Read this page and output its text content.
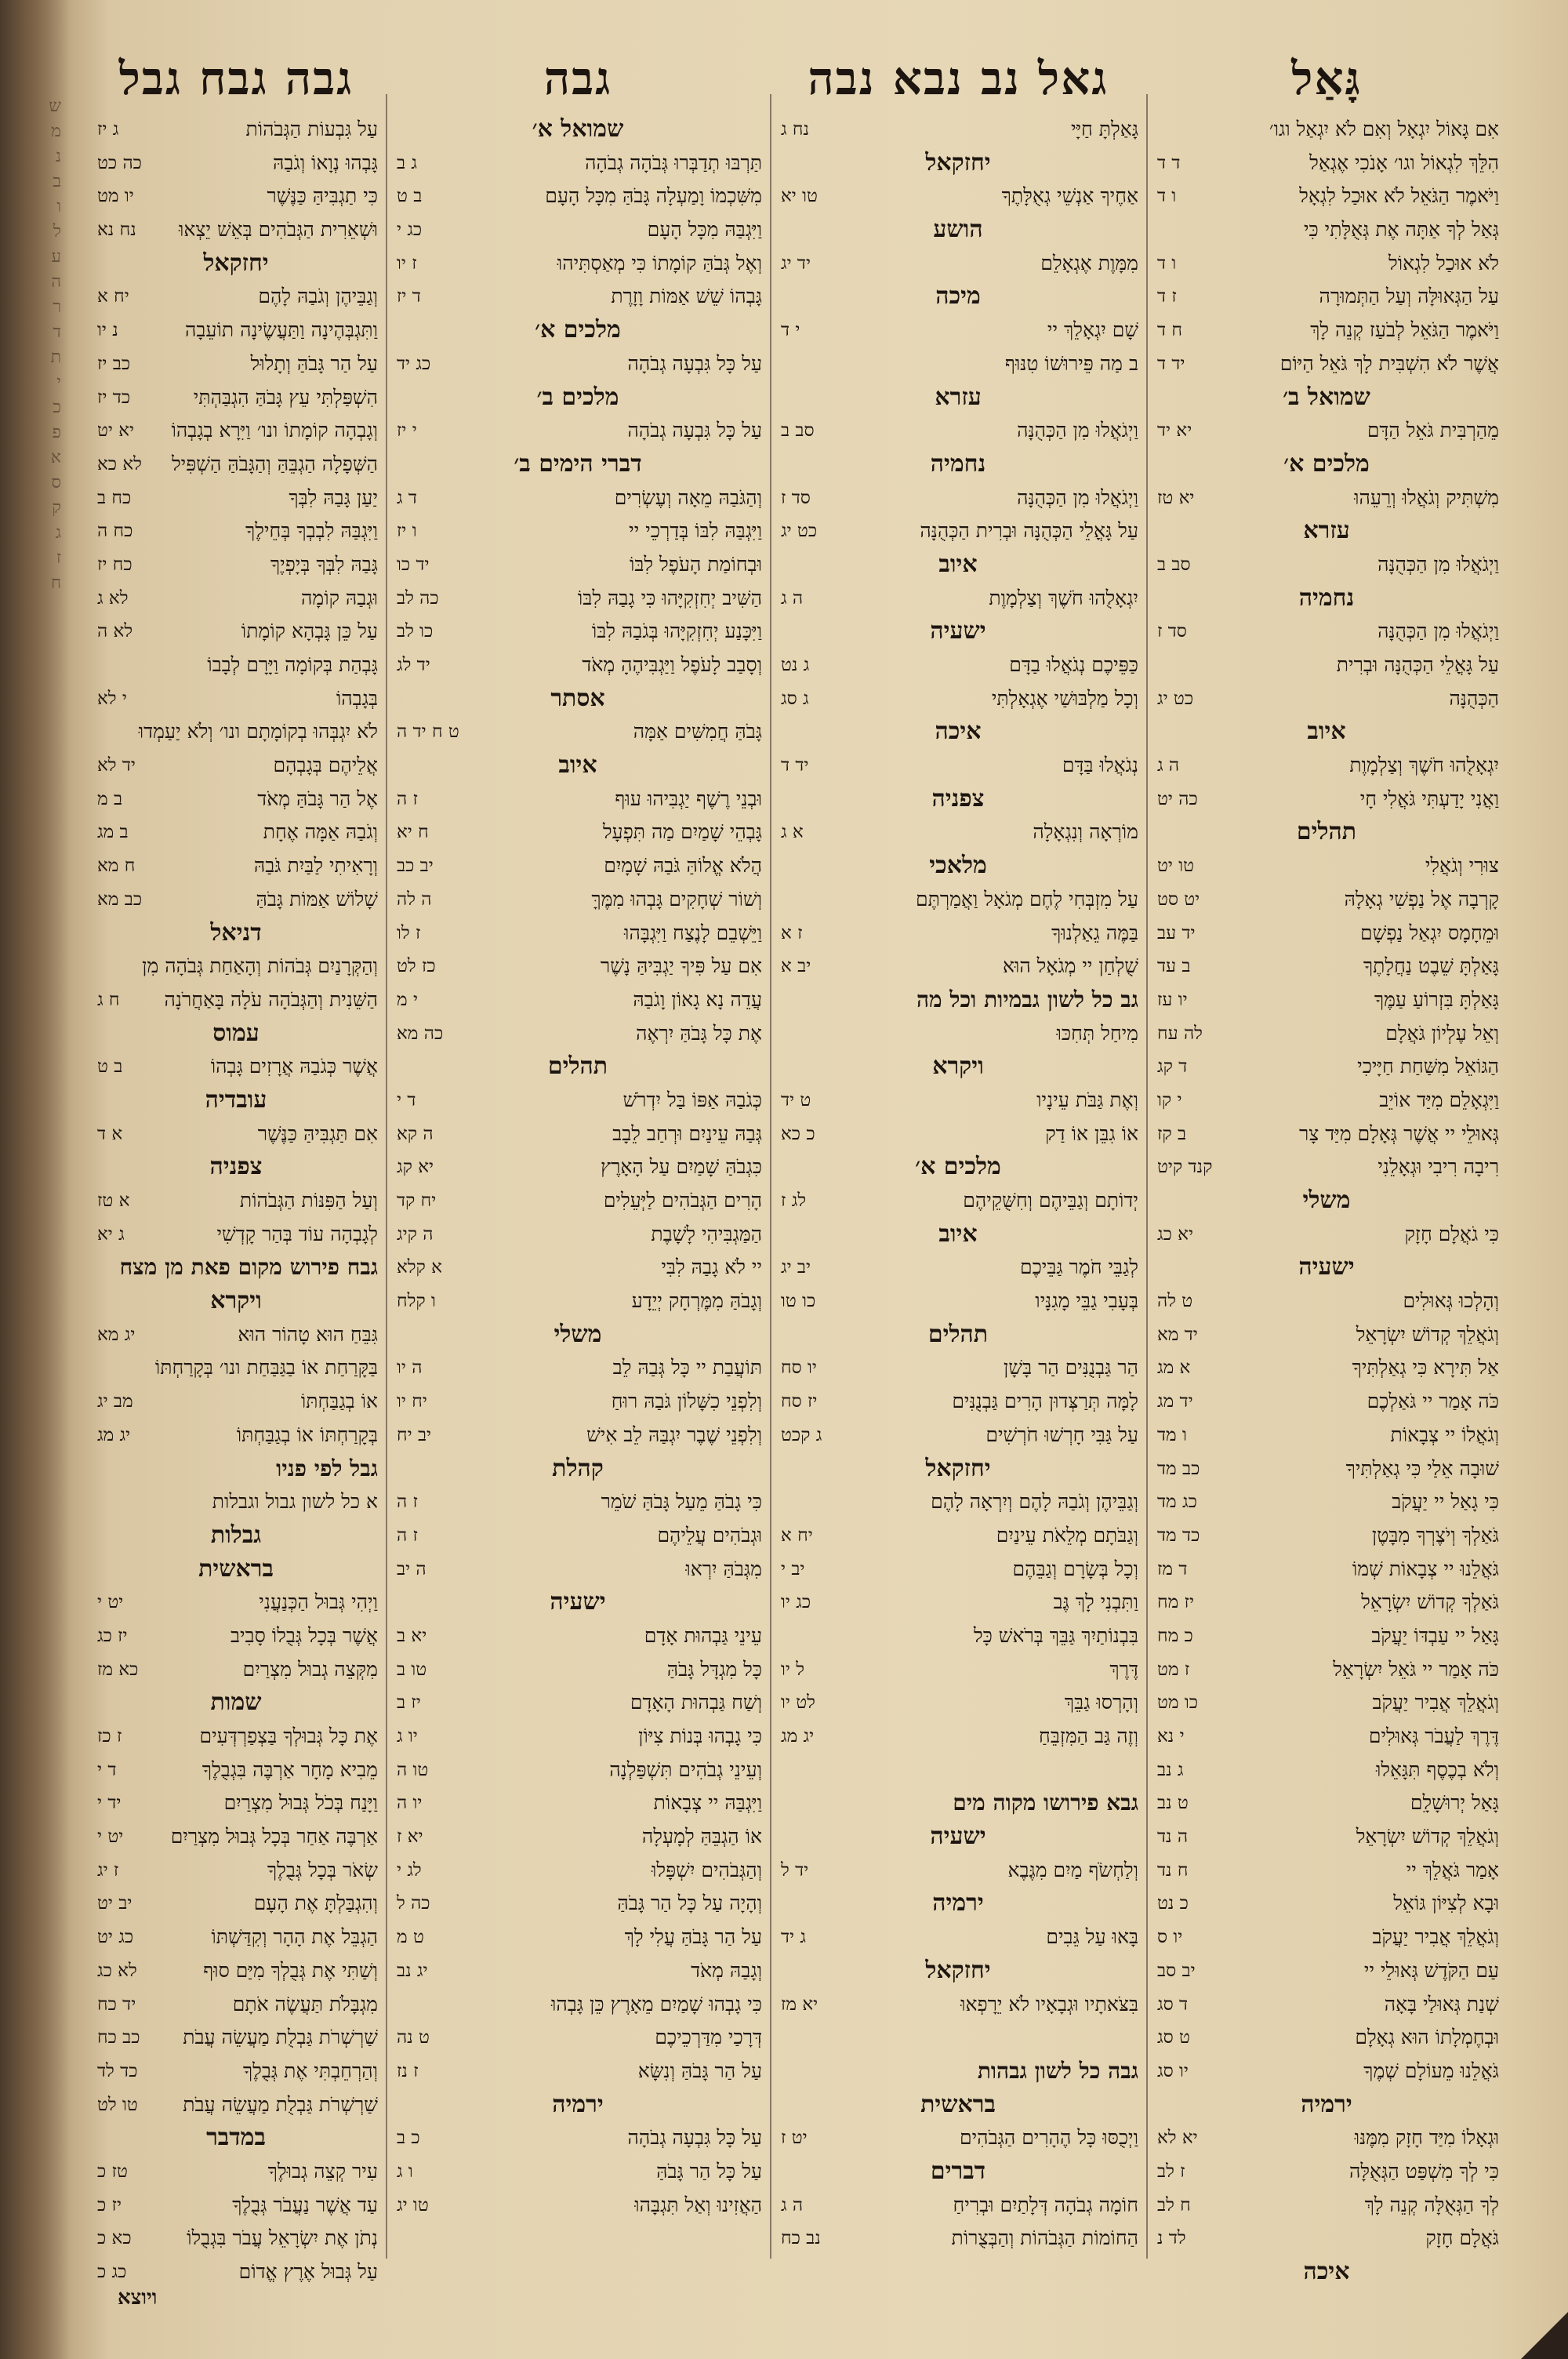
ש
מ
נ
ב
ו
ל
ע
ה
ר
ד
ת
י
כ
פ
א
ס
ק
ג
ז
ח
גבה גבח גבל
עַל גִּבְעוֹת הַגְּבֹהוֹת
ג יז
גָּבְהוּ נְוָאוֹ וְגֹבַהּ
כה כט
כִּי תַגְבִּיהַּ כַּנֶּשֶׁר
יו מט
וּשְׁאֵרִית הַגְּבֹהִים בְּאֵשׁ יֵצְאוּ
נח נא
יחזקאל
וְגַבֵּיהֶן וְגֹבַהּ לָהֶם
יח א
וַתִּגְבְּהֶינָה וַתַּעֲשֶׂינָה תוֹעֵבָה
נ יו
עַל הַר גָּבֹהַּ וְתָלוּל
כב יז
הִשְׁפַּלְתִּי עֵץ גָּבֹהַּ הִגְבַּהְתִּי
כד יז
וְגָבְהָה קוֹמָתוֹ ונו׳ וַיִּרָא בְגָבְהוֹ
יא יט
הַשְּׁפָלָה הַגְבֵּהַּ וְהַגָּבֹהַּ הַשְׁפִּיל
לא כא
יַעַן גָּבַהּ לִבְּךָ
כח ב
וַיִּגְבַּהּ לִבְבְךָ בְּחֵילֶךָ
כח ה
גָּבַהּ לִבְּךָ בְּיָפְיֶךָ
כח יז
וּגְבַהּ קוֹמָה
לא ג
עַל כֵּן גָּבְהָא קוֹמָתוֹ
לא ה
גָּבְהַת בְּקוֹמָה וַיָּרָם לְבָבוֹ
בְּגָבְהוֹ
י לא
לֹא יִגְבְּהוּ בְקוֹמָתָם ונו׳ וְלֹא יַעַמְדוּ
אֲלֵיהֶם בְּגָבְהָם
יד לא
אֶל הַר גָּבֹהַּ מְאֹד
ב מ
וְגֹבַהּ אַמָּה אֶחָת
ב מג
וְרָאִיתִי לַבַּיִת גֹּבַהּ
ח מא
שָׁלוֹשׁ אַמּוֹת גָּבֹהַּ
כב מא
דניאל
וְהַקְּרָנַיִם גְּבֹהוֹת וְהָאַחַת גְּבֹהָה מִן
הַשֵּׁנִית וְהַגְּבֹהָה עֹלָה בָּאַחֲרֹנָה
ח ג
עמוס
אֲשֶׁר כְּגֹבַהּ אֲרָזִים גָּבְהוֹ
ב ט
עובדיה
אִם תַּגְבִּיהַּ כַּנֶּשֶׁר
א ד
צפניה
וְעַל הַפִּנּוֹת הַגְּבֹהוֹת
א טז
לְגָבְהָה עוֹד בְּהַר קָדְשִׁי
ג יא
גבח פירוש מקום פאת מן מצח
ויקרא
גִּבֵּחַ הוּא טָהוֹר הוּא
יג מא
בַּקָּרַחַת אוֹ בַגַּבַּחַת ונו׳ בְּקָרַחְתּוֹ
אוֹ בְגַבַּחְתּוֹ
מב יג
בְּקָרַחְתּוֹ אוֹ בְגַבַּחְתּוֹ
יג מג
גבל לפי פניו
א כל לשון גבול וגבלות
גבלות
בראשית
וַיְהִי גְּבוּל הַכְּנַעֲנִי
יט י
אֲשֶׁר בְּכָל גְּבֻלוֹ סָבִיב
יז כג
מִקְּצֵה גְבוּל מִצְרַיִם
כא מז
שמות
אֶת כָּל גְּבוּלְךָ בַּצְפַרְדְּעִים
ז כז
מֵבִיא מָחָר אַרְבֶּה בִּגְבֻלֶךָ
ד י
וַיָּנַח בְּכֹל גְּבוּל מִצְרַיִם
יד י
אַרְבֶּה אַחַר בְּכָל גְּבוּל מִצְרַיִם
יט י
שְׂאֹר בְּכָל גְּבֻלֶךָ
ז יג
וְהִגְבַּלְתָּ אֶת הָעָם
יב יט
הַגְבֵּל אֶת הָהָר וְקִדַּשְׁתּוֹ
כג יט
וְשַׁתִּי אֶת גְּבֻלְךָ מִיַּם סוּף
לא כג
מִגְבָּלֹת תַּעֲשֶׂה אֹתָם
יד כח
שַׁרְשְׁרֹת גַּבְלֻת מַעֲשֵׂה עֲבֹת
כב כח
וְהַרְחֵבְתִּי אֶת גְּבֻלֶךָ
כד לד
שַׁרְשְׁרֹת גַּבְלֻת מַעֲשֵׂה עֲבֹת
טו לט
במדבר
עִיר קְצֵה גְבוּלֶךָ
טז כ
עַד אֲשֶׁר נַעֲבֹר גְּבֻלֶךָ
יז כ
נְתֹן אֶת יִשְׂרָאֵל עֲבֹר בִּגְבֻלוֹ
כא כ
עַל גְּבוּל אֶרֶץ אֱדוֹם
כג כ
גבה
שמואל א׳
תַּרְבּוּ תְדַבְּרוּ גְּבֹהָה גְבֹהָה
ג ב
מִשִּׁכְמוֹ וָמַעְלָה גָּבֹהַּ מִכָּל הָעָם
ב ט
וַיִּגְבַּהּ מִכָּל הָעָם
כג י
וְאֶל גְּבֹהַּ קוֹמָתוֹ כִּי מְאַסְתִּיהוּ
ז יו
גָּבְהוֹ שֵׁשׁ אַמּוֹת וָזָרֶת
ד יז
מלכים א׳
עַל כָּל גִּבְעָה גְבֹהָה
כג יד
מלכים ב׳
עַל כָּל גִּבְעָה גְבֹהָה
י יז
דברי הימים ב׳
וְהַגֹּבַהּ מֵאָה וְעֶשְׂרִים
ד ג
וַיִּגְבַּהּ לִבּוֹ בְּדַרְכֵי יי
ו יז
וּבְחוֹמַת הָעֹפֶל לִבּוֹ
יד כו
הַשִּׁיב יְחִזְקִיָּהוּ כִּי גָבַהּ לִבּוֹ
כה לב
וַיִּכָּנַע יְחִזְקִיָּהוּ בְּגֹבַהּ לִבּוֹ
כו לב
וְסָבַב לָעֹפֶל וַיַּגְבִּיהֶהָ מְאֹד
יד לג
אסתר
גָּבֹהַּ חֲמִשִּׁים אַמָּה
ט ח יד ה
איוב
וּבְנֵי רֶשֶׁף יַגְבִּיהוּ עוּף
ז ה
גָּבְהֵי שָׁמַיִם מַה תִּפְעָל
ח יא
הֲלֹא אֱלוֹהַּ גֹּבַהּ שָׁמָיִם
יב כב
וְשׁוֹר שְׁחָקִים גָּבְהוּ מִמֶּךָּ
ה לה
וַיֵּשְׁבֵם לָנֶצַח וַיִּגְבָּהוּ
ז לו
אִם עַל פִּיךָ יַגְבִּיהַּ נָשֶׁר
כז לט
עֲדֵה נָא גָאוֹן וָגֹבַהּ
י מ
אֶת כָּל גָּבֹהַּ יִרְאֶה
כה מא
תהלים
כְּגֹבַהּ אַפּוֹ בַּל יִדְרֹשׁ
ד י
גְּבַהּ עֵינַיִם וּרְחַב לֵבָב
ה קא
כִּגְבֹהַּ שָׁמַיִם עַל הָאָרֶץ
יא קג
הָרִים הַגְּבֹהִים לַיְּעֵלִים
יח קד
הַמַּגְבִּיהִי לָשָׁבֶת
ה קיג
יי לֹא גָבַהּ לִבִּי
א קלא
וְגָבֹהַּ מִמֶּרְחָק יְיֵדָע
ו קלח
משלי
תּוֹעֲבַת יי כָּל גְּבַהּ לֵב
ה יו
וְלִפְנֵי כִשָּׁלוֹן גֹּבַהּ רוּחַ
יח יו
וְלִפְנֵי שֶׁבֶר יִגְבַּהּ לֵב אִישׁ
יב יח
קהלת
כִּי גָבֹהַּ מֵעַל גָּבֹהַּ שֹׁמֵר
ז ה
וּגְבֹהִים עֲלֵיהֶם
ז ה
מִגְּבֹהַּ יִרְאוּ
ה יב
ישעיה
עֵינֵי גַּבְהוּת אָדָם
יא ב
כָּל מִגְדָּל גָּבֹהַּ
טו ב
וְשַׁח גַּבְהוּת הָאָדָם
יז ב
כִּי גָבְהוּ בְּנוֹת צִיּוֹן
יו ג
וְעֵינֵי גְבֹהִים תִּשְׁפַּלְנָה
טו ה
וַיִּגְבַּהּ יי צְבָאוֹת
יו ה
אוֹ הַגְבֵּהַּ לְמָעְלָה
יא ז
וְהַגְּבֹהִים יִשְׁפָּלוּ
לג י
וְהָיָה עַל כָּל הַר גָּבֹהַּ
כה ל
עַל הַר גָּבֹהַּ עֲלִי לָךְ
ט מ
וְגָבַהּ מְאֹד
יג נב
כִּי גָבְהוּ שָׁמַיִם מֵאָרֶץ כֵּן גָּבְהוּ
דְּרָכַי מִדַּרְכֵיכֶם
ט נה
עַל הַר גָּבֹהַּ וְנִשָּׂא
ז נז
ירמיה
עַל כָּל גִּבְעָה גְבֹהָה
כ ב
עַל כָּל הַר גָּבֹהַּ
ו ג
הַאֲזִינוּ וְאַל תִּגְבָּהוּ
טו יג
גאל נב נבא נבה
גָּאַלְתָּ חַיָּי
נח ג
יחזקאל
אַחֶיךָ אַנְשֵׁי גְאֻלָּתֶךָ
טו יא
הושע
מִמָּוֶת אֶגְאָלֵם
יד יג
מיכה
שָׁם יִגְאָלֵךְ יי
י ד
ב מַה פֵּירוּשׁוֹ טִנּוּף
עזרא
וַיְגֹאֲלוּ מִן הַכְּהֻנָּה
סב ב
נחמיה
וַיְגֹאֲלוּ מִן הַכְּהֻנָּה
סד ז
עַל גָּאֳלֵי הַכְּהֻנָּה וּבְרִית הַכְּהֻנָּה
כט יג
איוב
יִגְאָלֻהוּ חֹשֶׁךְ וְצַלְמָוֶת
ה ג
ישעיה
כַּפֵּיכֶם נְגֹאֲלוּ בַדָּם
ג נט
וְכָל מַלְבּוּשַׁי אֶגְאָלְתִּי
ג סג
איכה
נְגֹאֲלוּ בַּדָּם
יד ד
צפניה
מוֹרְאָה וְנִגְאָלָה
א ג
מלאכי
עַל מִזְבְּחִי לֶחֶם מְגֹאָל וַאֲמַרְתֶּם
בַּמֶּה גֵאַלְנוּךָ
ז א
שֻׁלְחַן יי מְגֹאָל הוּא
יב א
גב כל לשון גבמיות וכל מה
מִיחַל תְּחִכּוּ
ויקרא
וְאֶת גַּבֹּת עֵינָיו
ט יד
אוֹ גִבֵּן אוֹ דַק
כ כא
מלכים א׳
יְדוֹתָם וְגַבֵּיהֶם וְחִשֻּׁקֵיהֶם
לג ז
איוב
לְגַבֵּי חֹמֶר גַּבֵּיכֶם
יב יג
בְּעָבִי גַבֵּי מָגִנָּיו
כו טו
תהלים
הַר גַּבְנֻנִּים הַר בָּשָׁן
יו סח
לָמָּה תְּרַצְּדוּן הָרִים גַּבְנֻנִּים
יז סח
עַל גַּבִּי חָרְשׁוּ חֹרְשִׁים
ג קכט
יחזקאל
וְגַבֵּיהֶן וְגֹבַהּ לָהֶם וְיִרְאָה לָהֶם
וְגַבֹּתָם מְלֵאֹת עֵינַיִם
יח א
וְכָל בְּשָׂרָם וְגַבֵּהֶם
יב י
וַתִּבְנִי לָךְ גֶּב
כג יו
בִּבְנוֹתַיִךְ גַּבֵּךְ בְּרֹאשׁ כָּל
דֶּרֶךְ
ל יו
וְהָרְסוּ גַבֵּךְ
לט יו
וְזֶה גַּב הַמִּזְבֵּחַ
יג מג
גבא פירושו מקוה מים
ישעיה
וְלַחְשֹׂף מַיִם מִגֶּבֶא
יד ל
ירמיה
בָּאוּ עַל גֵּבִים
ג יד
יחזקאל
בִּצֹּאתָיו וּגְבָאָיו לֹא יֵרָפְאוּ
יא מז
גבה כל לשון גבהות
בראשית
וַיְכֻסּוּ כָּל הֶהָרִים הַגְּבֹהִים
יט ז
דברים
חוֹמָה גְבֹהָה דְּלָתַיִם וּבְרִיחַ
ה ג
הַחוֹמוֹת הַגְּבֹהוֹת וְהַבְּצֻרוֹת
נב כח
גָּאַל
אִם גָּאוֹל יִגְאָל וְאִם לֹא יִגְאַל וגו׳
הִלֵּךְ לִגְאוֹל וגו׳ אָנֹכִי אֶגְאַל
ד ד
וַיֹּאמֶר הַגֹּאֵל לֹא אוּכַל לִגְאָל
ו ד
גְּאַל לְךָ אַתָּה אֶת גְּאֻלָּתִי כִּי
לֹא אוּכַל לִגְאוֹל
ו ד
עַל הַגְּאוּלָּה וְעַל הַתְּמוּרָה
ז ד
וַיֹּאמֶר הַגֹּאֵל לְבֹעַז קְנֵה לָךְ
ח ד
אֲשֶׁר לֹא הִשְׁבִּית לָךְ גֹּאֵל הַיּוֹם
יד ד
שמואל ב׳
מֵהַרְבִּית גֹּאֵל הַדָּם
יא יד
מלכים א׳
מִשְׁתִּיק וְגֹאֲלוּ וְרֵעֵהוּ
יא טז
עזרא
וַיְגֹאֲלוּ מִן הַכְּהֻנָּה
סב ב
נחמיה
וַיְגֹאֲלוּ מִן הַכְּהֻנָּה
סד ז
עַל גָּאֳלֵי הַכְּהֻנָּה וּבְרִית
הַכְּהֻנָּה
כט יג
איוב
יִגְאָלֻהוּ חֹשֶׁךְ וְצַלְמָוֶת
ה ג
וַאֲנִי יָדַעְתִּי גֹּאֲלִי חָי
כה יט
תהלים
צוּרִי וְגֹאֲלִי
טו יט
קָרְבָה אֶל נַפְשִׁי גְאָלָהּ
יט סט
וּמֵחָמָס יִגְאַל נַפְשָׁם
יד עב
גָּאַלְתָּ שֵׁבֶט נַחֲלָתֶךָ
ב עד
גָּאַלְתָּ בִּזְרוֹעַ עַמֶּךָ
יו עז
וְאֵל עֶלְיוֹן גֹּאֲלָם
לה עח
הַגּוֹאֵל מִשַּׁחַת חַיָּיכִי
ד קג
וַיִּגְאָלֵם מִיַּד אוֹיֵב
י קו
גְּאוּלֵי יי אֲשֶׁר גְּאָלָם מִיַּד צָר
ב קז
רִיבָה רִיבִי וּגְאָלֵנִי
קנד קיט
משלי
כִּי גֹאֲלָם חָזָק
יא כג
ישעיה
וְהָלְכוּ גְּאוּלִים
ט לה
וְגֹאֲלֵךְ קְדוֹשׁ יִשְׂרָאֵל
יד מא
אַל תִּירָא כִּי גְאַלְתִּיךָ
א מג
כֹּה אָמַר יי גֹּאַלְכֶם
יד מג
וְגֹאֲלוֹ יי צְבָאוֹת
ו מד
שׁוּבָה אֵלַי כִּי גְאַלְתִּיךָ
כב מד
כִּי גָאַל יי יַעֲקֹב
כג מד
גֹּאַלְךָ וְיֹצֶרְךָ מִבָּטֶן
כד מד
גֹּאֲלֵנוּ יי צְבָאוֹת שְׁמוֹ
ד מז
גֹּאַלְךָ קְדוֹשׁ יִשְׂרָאֵל
יז מח
גָּאַל יי עַבְדּוֹ יַעֲקֹב
כ מח
כֹּה אָמַר יי גֹּאֵל יִשְׂרָאֵל
ז מט
וְגֹאֲלֵךְ אֲבִיר יַעֲקֹב
כו מט
דֶּרֶךְ לַעֲבֹר גְּאוּלִים
י נא
וְלֹא בְכֶסֶף תִּגָּאֵלוּ
ג נב
גָּאַל יְרוּשָׁלָ͏ִם
ט נב
וְגֹאֲלֵךְ קְדוֹשׁ יִשְׂרָאֵל
ה נד
אָמַר גֹּאֲלֵךְ יי
ח נד
וּבָא לְצִיּוֹן גּוֹאֵל
כ נט
וְגֹאֲלֵךְ אֲבִיר יַעֲקֹב
יו ס
עַם הַקֹּדֶשׁ גְּאוּלֵי יי
יב סב
שְׁנַת גְּאוּלַי בָּאָה
ד סג
וּבְחֶמְלָתוֹ הוּא גְאָלָם
ט סג
גֹּאֲלֵנוּ מֵעוֹלָם שְׁמֶךָ
יו סג
ירמיה
וּגְאָלוֹ מִיַּד חָזָק מִמֶּנּוּ
יא לא
כִּי לְךָ מִשְׁפַּט הַגְּאֻלָּה
ז לב
לְךָ הַגְּאֻלָּה קְנֵה לָךְ
ח לב
גֹּאֲלָם חָזָק
לד נ
איכה
ויוצא
